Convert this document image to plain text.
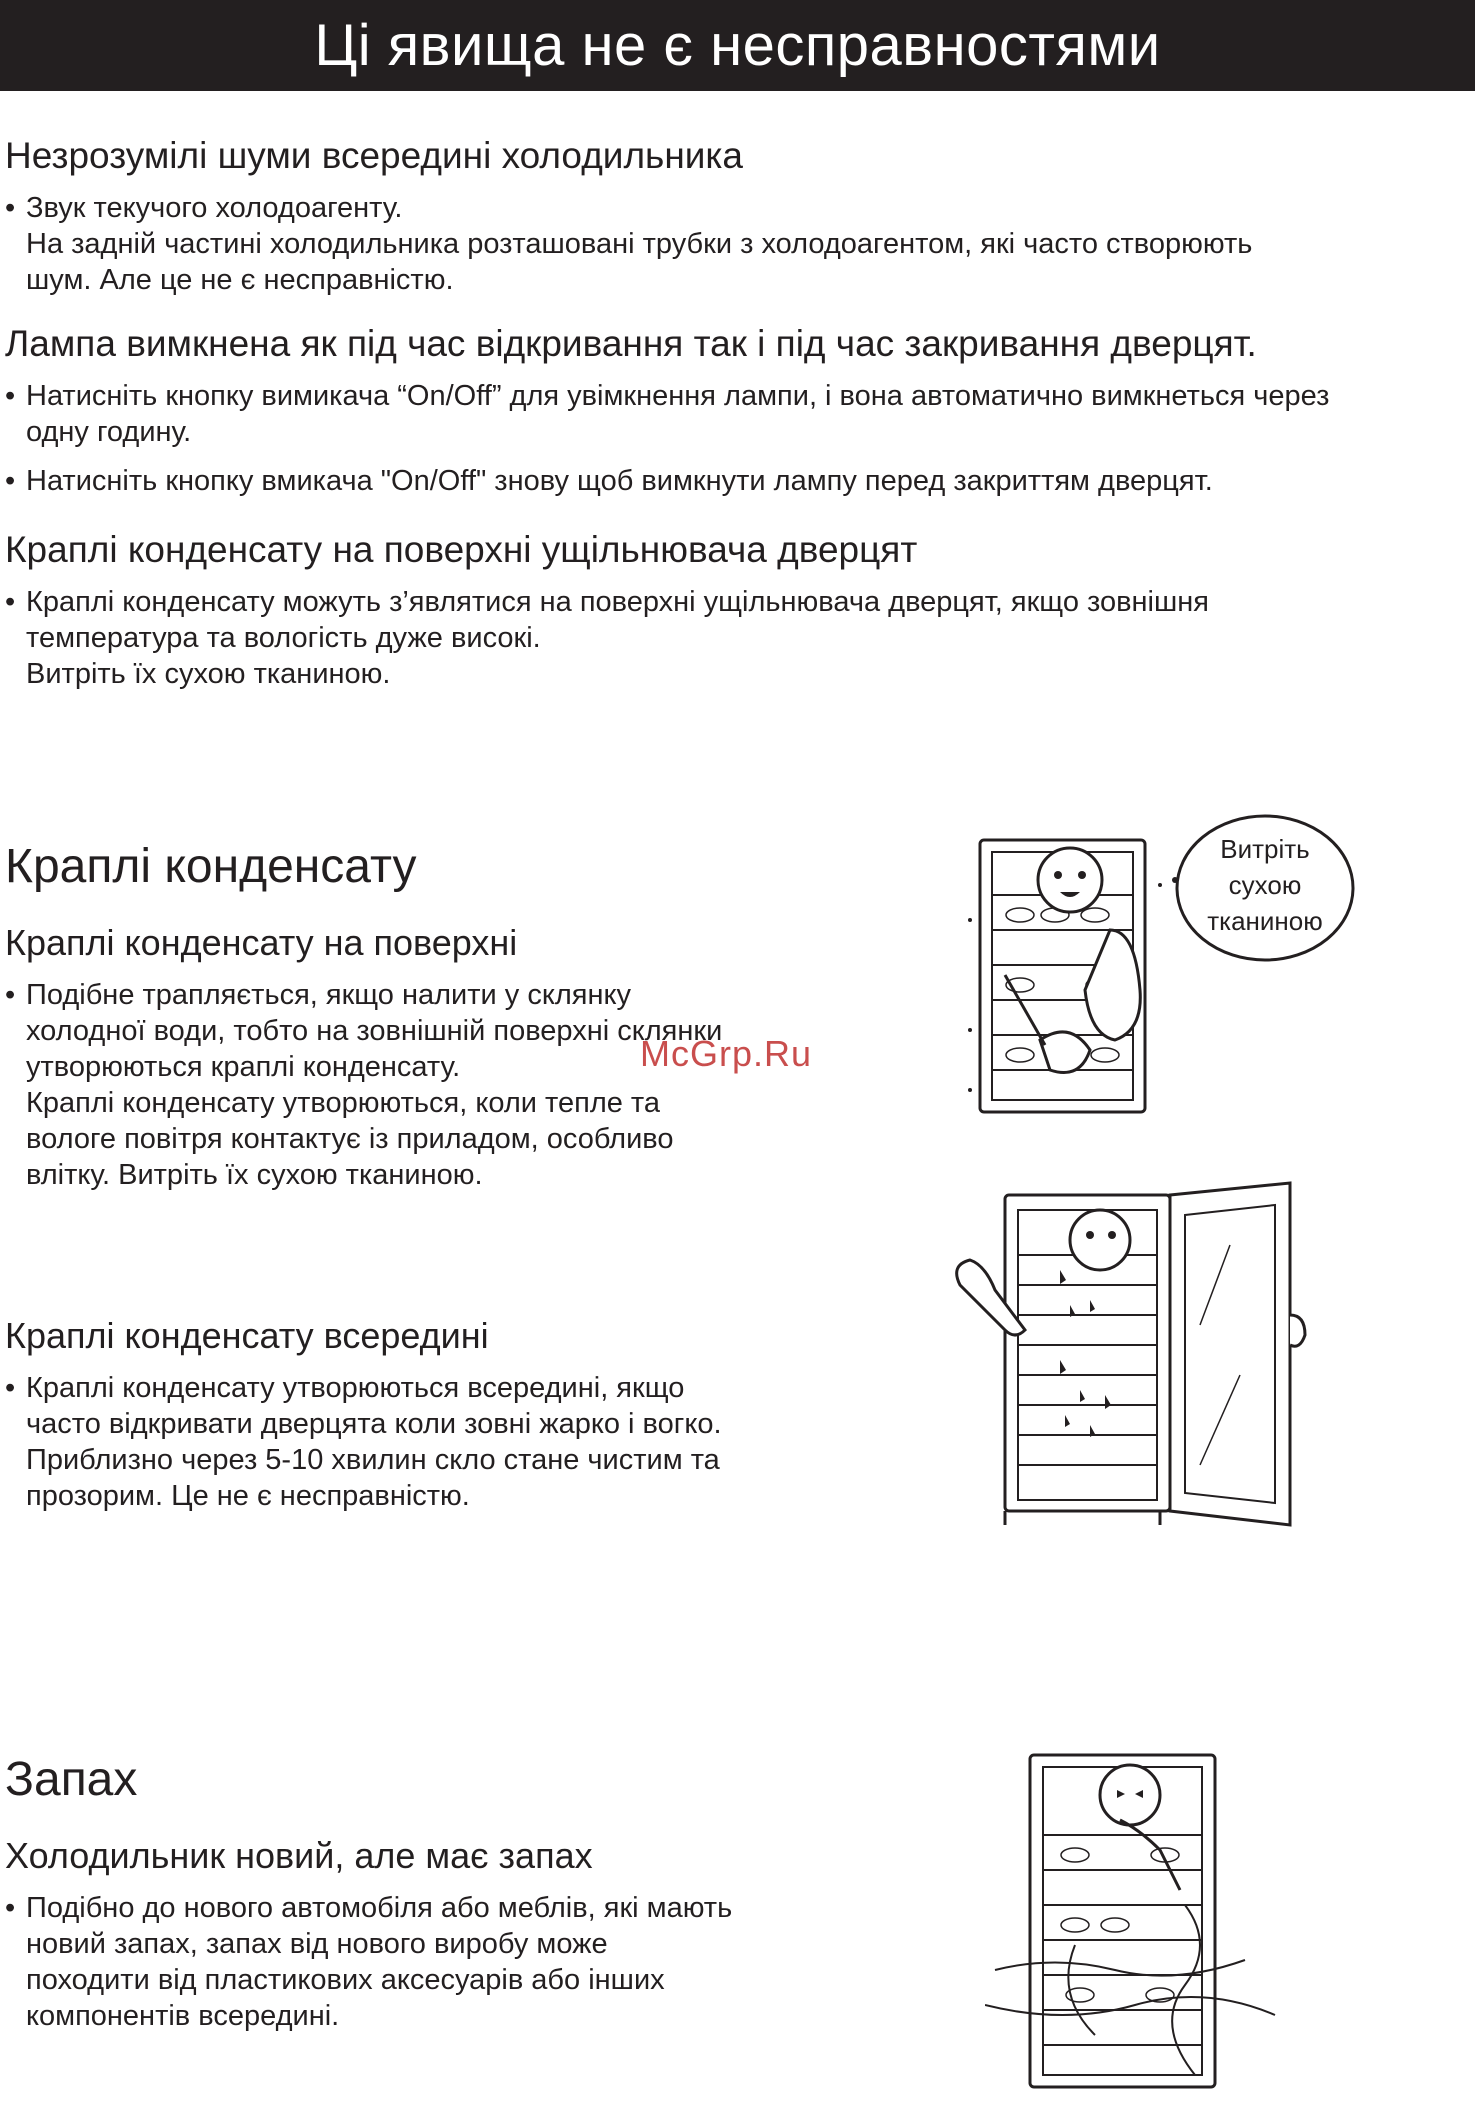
Ці явища не є несправностями
Незрозумілі шуми всередині холодильника
• Звук текучого холодоагенту.
На задній частині холодильника розташовані трубки з холодоагентом, які часто створюють
шум. Але це не є несправністю.
Лампа вимкнена як під час відкривання так і під час закривання дверцят.
• Натисніть кнопку вимикача “On/Off” для увімкнення лампи, і вона автоматично вимкнеться через
одну годину.
• Натисніть кнопку вмикача "On/Off" знову щоб вимкнути лампу перед закриттям дверцят.
Краплі конденсату на поверхні ущільнювача дверцят
• Краплі конденсату можуть з’являтися на поверхні ущільнювача дверцят, якщо зовнішня
температура та вологість дуже високі.
Витріть їх сухою тканиною.
Краплі конденсату
Краплі конденсату на поверхні
• Подібне трапляється, якщо налити у склянку
холодної води, тобто на зовнішній поверхні склянки
утворюються краплі конденсату.
Краплі конденсату утворюються, коли тепле та
вологе повітря контактує із приладом, особливо
влітку. Витріть їх сухою тканиною.
McGrp.Ru
Краплі конденсату всередині
• Краплі конденсату утворюються всередині, якщо
часто відкривати дверцята коли зовні жарко і вогко.
Приблизно через 5-10 хвилин скло стане чистим та
прозорим. Це не є несправністю.
Запах
Холодильник новий, але має запах
• Подібно до нового автомобіля або меблів, які мають
новий запах, запах від нового виробу може
походити від пластикових аксесуарів або інших
компонентів всередині.
Витріть
сухою
тканиною
